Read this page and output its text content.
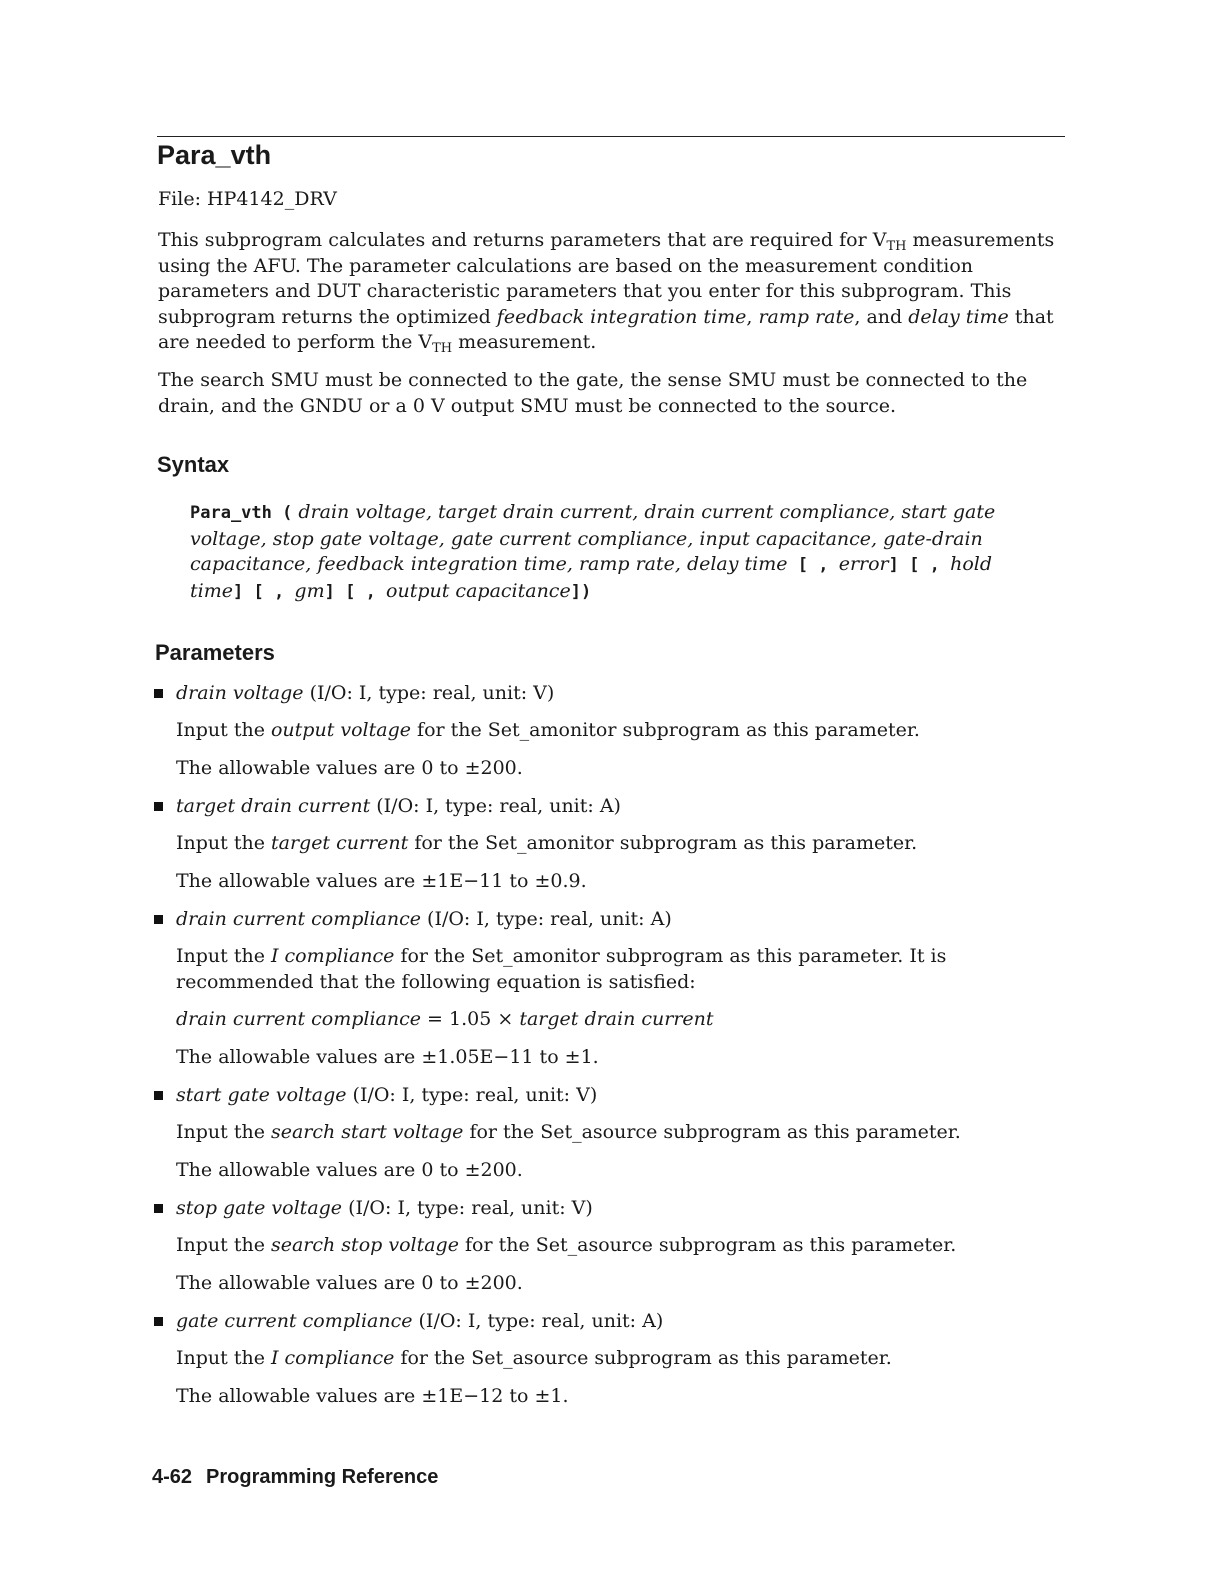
Para_vth

File: HP4142_DRV

This subprogram calculates and returns parameters that are required for $V_{TH}$ measurements using the AFU. The parameter calculations are based on the measurement condition parameters and DUT characteristic parameters that you enter for this subprogram. This subprogram returns the optimized feedback integration time, ramp rate, and delay time that are needed to perform the $V_{TH}$ measurement.

The search SMU must be connected to the gate, the sense SMU must be connected to the drain, and the GNDU or a 0 V output SMU must be connected to the source.

Syntax

Para_vth ( drain voltage, target drain current, drain current compliance, start gate voltage, stop gate voltage, gate current compliance, input capacitance, gate-drain capacitance, feedback integration time, ramp rate, delay time [ , error] [ , hold time] [ , gm] [ , output capacitance])

Parameters

drain voltage (I/O: I, type: real, unit: V)

Input the output voltage for the Set_amonitor subprogram as this parameter.

The allowable values are 0 to ±200.

target drain current (I/O: I, type: real, unit: A)

Input the target current for the Set_amonitor subprogram as this parameter.

The allowable values are ±1E−11 to ±0.9.

drain current compliance (I/O: I, type: real, unit: A)

Input the I compliance for the Set_amonitor subprogram as this parameter. It is recommended that the following equation is satisfied:

drain current compliance = 1.05 × target drain current

The allowable values are ±1.05E−11 to ±1.

start gate voltage (I/O: I, type: real, unit: V)

Input the search start voltage for the Set_asource subprogram as this parameter.

The allowable values are 0 to ±200.

stop gate voltage (I/O: I, type: real, unit: V)

Input the search stop voltage for the Set_asource subprogram as this parameter.

The allowable values are 0 to ±200.

gate current compliance (I/O: I, type: real, unit: A)

Input the I compliance for the Set_asource subprogram as this parameter.

The allowable values are ±1E−12 to ±1.

4-62 Programming Reference
